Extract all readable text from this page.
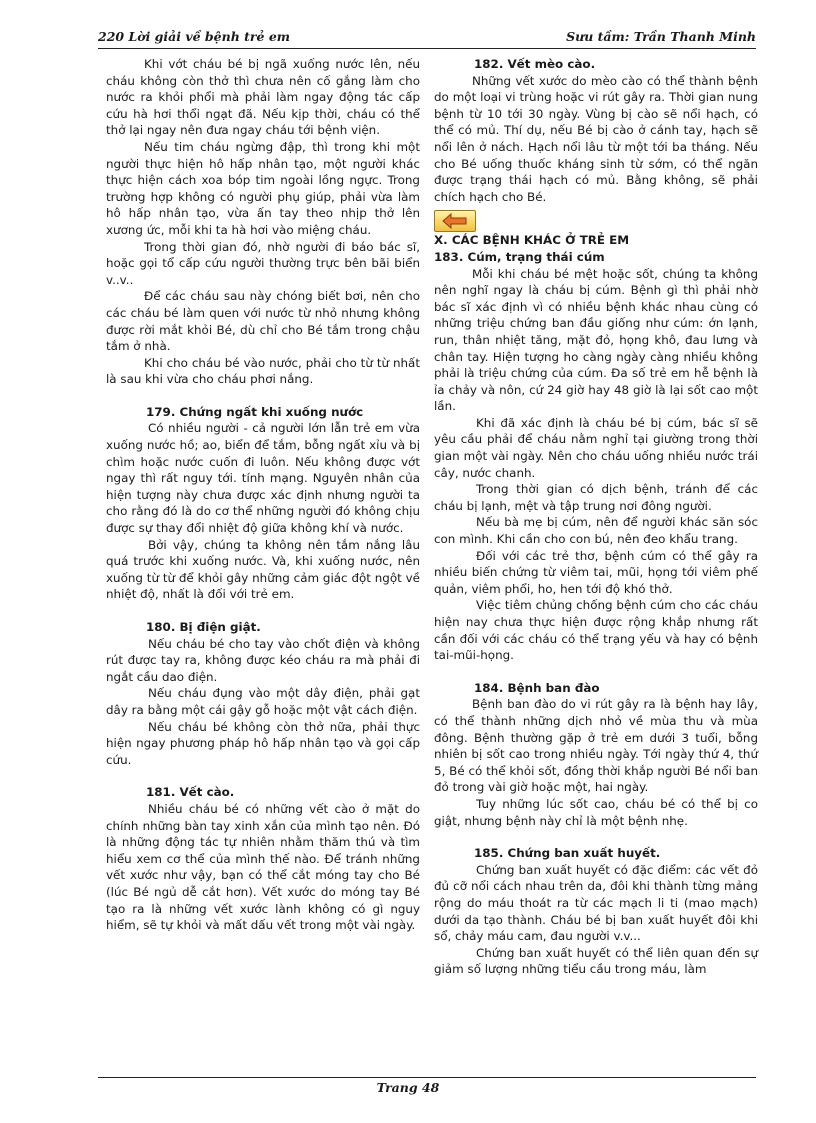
220 Lời giải về bệnh trẻ em	Sưu tầm: Trần Thanh Minh

Khi vớt cháu bé bị ngã xuống nước lên, nếu cháu không còn thở thì chưa nên cố gắng làm cho nước ra khỏi phổi mà phải làm ngay động tác cấp cứu hà hơi thổi ngạt đã. Nếu kịp thời, cháu có thể thở lại ngay nên đưa ngay cháu tới bệnh viện.

Nếu tim cháu ngừng đập, thì trong khi một người thực hiện hô hấp nhân tạo, một người khác thực hiện cách xoa bóp tim ngoài lồng ngực. Trong trường hợp không có người phụ giúp, phải vừa làm hô hấp nhân tạo, vừa ấn tay theo nhịp thở lên xương ức, mỗi khi ta hà hơi vào miệng cháu.

Trong thời gian đó, nhờ người đi báo bác sĩ, hoặc gọi tổ cấp cứu người thường trực bên bãi biển v..v..

Để các cháu sau này chóng biết bơi, nên cho các cháu bé làm quen với nước từ nhỏ nhưng không được rời mắt khỏi Bé, dù chỉ cho Bé tắm trong chậu tắm ở nhà.

Khi cho cháu bé vào nước, phải cho từ từ nhất là sau khi vừa cho cháu phơi nắng.

179. Chứng ngất khi xuống nước

Có nhiều người - cả người lớn lẫn trẻ em vừa xuống nước hồ; ao, biển để tắm, bỗng ngất xỉu và bị chìm hoặc nước cuốn đi luôn. Nếu không được vớt ngay thì rất nguy tới. tính mạng. Nguyên nhân của hiện tượng này chưa được xác định nhưng người ta cho rằng đó là do cơ thể những người đó không chịu được sự thay đổi nhiệt độ giữa không khí và nước.

Bởi vậy, chúng ta không nên tắm nắng lâu quá trước khi xuống nước. Và, khi xuống nước, nên xuống từ từ để khỏi gây những cảm giác đột ngột về nhiệt độ, nhất là đối với trẻ em.

180. Bị điện giật.

Nếu cháu bé cho tay vào chốt điện và không rút được tay ra, không được kéo cháu ra mà phải đi ngắt cầu dao điện.

Nếu cháu đụng vào một dây điện, phải gạt dây ra bằng một cái gậy gỗ hoặc một vật cách điện.

Nếu cháu bé không còn thở nữa, phải thực hiện ngay phương pháp hô hấp nhân tạo và gọi cấp cứu.

181. Vết cào.

Nhiều cháu bé có những vết cào ở mặt do chính những bàn tay xinh xắn của mình tạo nên. Đó là những động tác tự nhiên nhằm thăm thú và tìm hiểu xem cơ thể của mình thế nào. Để tránh những vết xước như vậy, bạn có thể cắt móng tay cho Bé (lúc Bé ngủ dễ cắt hơn). Vết xước do móng tay Bé tạo ra là những vết xước lành không có gì nguy hiểm, sẽ tự khỏi và mất dấu vết trong một vài ngày.

182. Vết mèo cào.

Những vết xước do mèo cào có thể thành bệnh do một loại vi trùng hoặc vi rút gây ra. Thời gian nung bệnh từ 10 tới 30 ngày. Vùng bị cào sẽ nổi hạch, có thể có mủ. Thí dụ, nếu Bé bị cào ở cánh tay, hạch sẽ nổi lên ở nách. Hạch nổi lâu từ một tới ba tháng. Nếu cho Bé uống thuốc kháng sinh từ sớm, có thể ngăn được trạng thái hạch có mủ. Bằng không, sẽ phải chích hạch cho Bé.

X. CÁC BỆNH KHÁC Ở TRẺ EM
183. Cúm, trạng thái cúm

Mỗi khi cháu bé mệt hoặc sốt, chúng ta không nên nghĩ ngay là cháu bị cúm. Bệnh gì thì phải nhờ bác sĩ xác định vì có nhiều bệnh khác nhau cùng có những triệu chứng ban đầu giống như cúm: ớn lạnh, run, thân nhiệt tăng, mặt đỏ, họng khô, đau lưng và chân tay. Hiện tượng ho càng ngày càng nhiều không phải là triệu chứng của cúm. Đa số trẻ em hễ bệnh là ỉa chảy và nôn, cứ 24 giờ hay 48 giờ là lại sốt cao một lần.

Khi đã xác định là cháu bé bị cúm, bác sĩ sẽ yêu cầu phải để cháu nằm nghỉ tại giường trong thời gian một vài ngày. Nên cho cháu uống nhiều nước trái cây, nước chanh.

Trong thời gian có dịch bệnh, tránh để các cháu bị lạnh, mệt và tập trung nơi đông người.

Nếu bà mẹ bị cúm, nên để người khác săn sóc con mình. Khi cần cho con bú, nên đeo khẩu trang.

Đối với các trẻ thơ, bệnh cúm có thể gây ra nhiều biến chứng từ viêm tai, mũi, họng tới viêm phế quản, viêm phổi, ho, hen tới độ khó thở.

Việc tiêm chủng chống bệnh cúm cho các cháu hiện nay chưa thực hiện được rộng khắp nhưng rất cần đối với các cháu có thể trạng yếu và hay có bệnh tai-mũi-họng.

184. Bệnh ban đào

Bệnh ban đào do vi rút gây ra là bệnh hay lây, có thể thành những dịch nhỏ về mùa thu và mùa đông. Bệnh thường gặp ở trẻ em dưới 3 tuổi, bỗng nhiên bị sốt cao trong nhiều ngày. Tới ngày thứ 4, thứ 5, Bé có thể khỏi sốt, đồng thời khắp người Bé nổi ban đỏ trong vài giờ hoặc một, hai ngày.

Tuy những lúc sốt cao, cháu bé có thể bị co giật, nhưng bệnh này chỉ là một bệnh nhẹ.

185. Chứng ban xuất huyết.

Chứng ban xuất huyết có đặc điểm: các vết đỏ đủ cỡ nổi cách nhau trên da, đôi khi thành từng mảng rộng do máu thoát ra từ các mạch li ti (mao mạch) dưới da tạo thành. Cháu bé bị ban xuất huyết đôi khi sổ, chảy máu cam, đau người v.v...

Chứng ban xuất huyết có thể liên quan đến sự giảm số lượng những tiểu cầu trong máu, làm

Trang 48
